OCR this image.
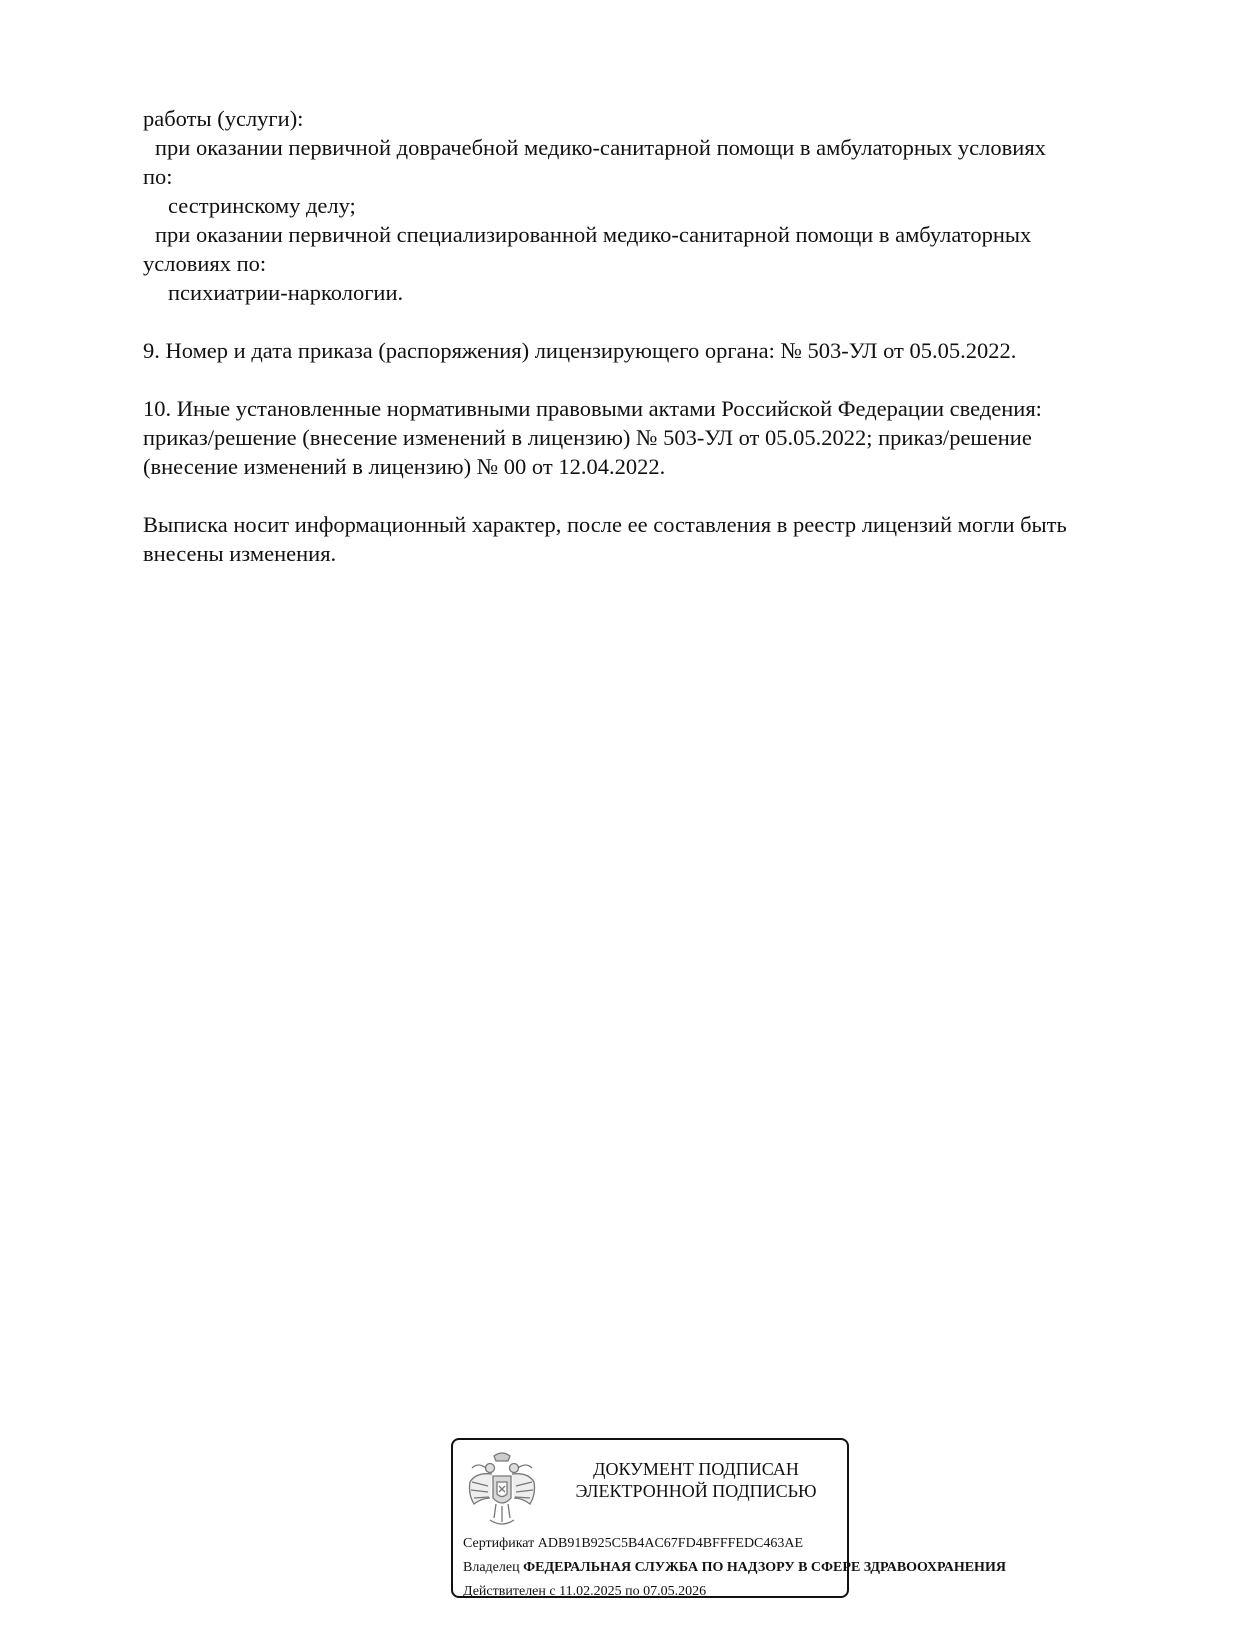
работы (услуги):
при оказании первичной доврачебной медико-санитарной помощи в амбулаторных условиях
по:
сестринскому делу;
при оказании первичной специализированной медико-санитарной помощи в амбулаторных
условиях по:
психиатрии-наркологии.
9. Номер и дата приказа (распоряжения) лицензирующего органа: № 503-УЛ от 05.05.2022.
10. Иные установленные нормативными правовыми актами Российской Федерации сведения:
приказ/решение (внесение изменений в лицензию) № 503-УЛ от 05.05.2022; приказ/решение
(внесение изменений в лицензию) № 00 от 12.04.2022.
Выписка носит информационный характер, после ее составления в реестр лицензий могли быть
внесены изменения.
ДОКУМЕНТ ПОДПИСАН
ЭЛЕКТРОННОЙ ПОДПИСЬЮ
Сертификат ADB91B925C5B4AC67FD4BFFFEDC463AE
Владелец ФЕДЕРАЛЬНАЯ СЛУЖБА ПО НАДЗОРУ В СФЕРЕ ЗДРАВООХРАНЕНИЯ
Действителен с 11.02.2025 по 07.05.2026
